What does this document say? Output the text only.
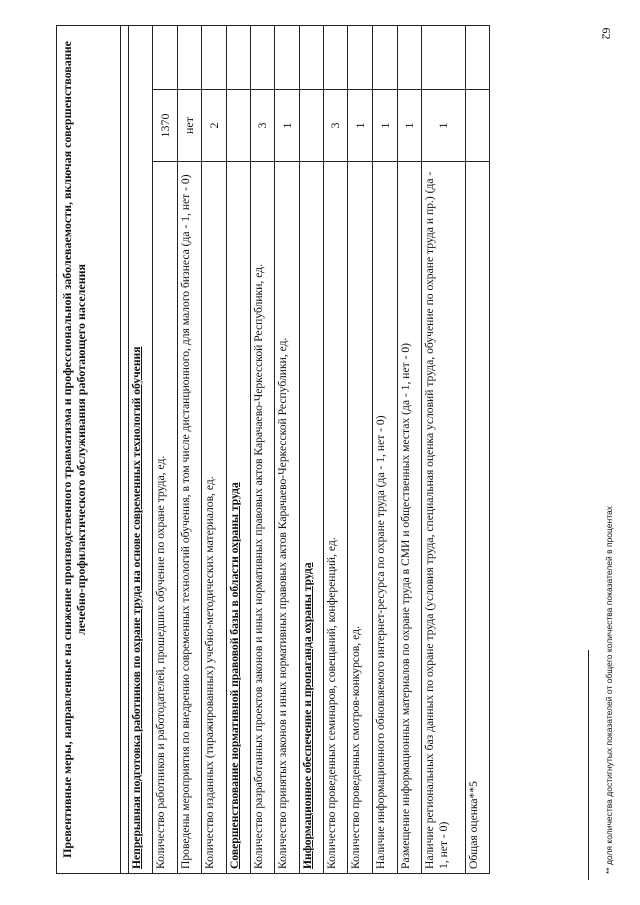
62
Превентивные меры, направленные на снижение производственного травматизма и профессиональной заболеваемости, включая совершенствование лечебно-профилактического обслуживания работающего населения		

Непрерывная подготовка работников по охране труда на основе современных технологий обучения		
Количество работников и работодателей, прошедших обучение по охране труда, ед.	1370	
Проведены мероприятия по внедрению современных технологий обучения, в том числе дистанционного, для малого бизнеса (да - 1, нет - 0)	нет	
Количество изданных (тиражированных) учебно-методических материалов, ед.	2	
Совершенствование нормативной правовой базы в области охраны труда		
Количество разработанных проектов законов и иных нормативных правовых актов Карачаево-Черкесской Республики, ед.	3	
Количество принятых законов и иных нормативных правовых актов Карачаево-Черкесской Республики, ед.	1	
Информационное обеспечение и пропаганда охраны труда		
Количество проведенных семинаров, совещаний, конференций, ед.	3	
Количество проведенных смотров-конкурсов, ед.	1	
Наличие информационного обновляемого интернет-ресурса по охране труда (да - 1, нет - 0)	1	
Размещение информационных материалов по охране труда в СМИ и общественных местах (да - 1, нет - 0)	1	
Наличие региональных баз данных по охране труда (условия труда, специальная оценка условий труда, обучение по охране труда и пр.) (да - 1, нет - 0)	1	
Общая оценка**5			** доля количества достигнутых показателей от общего количества показателей в процентах
